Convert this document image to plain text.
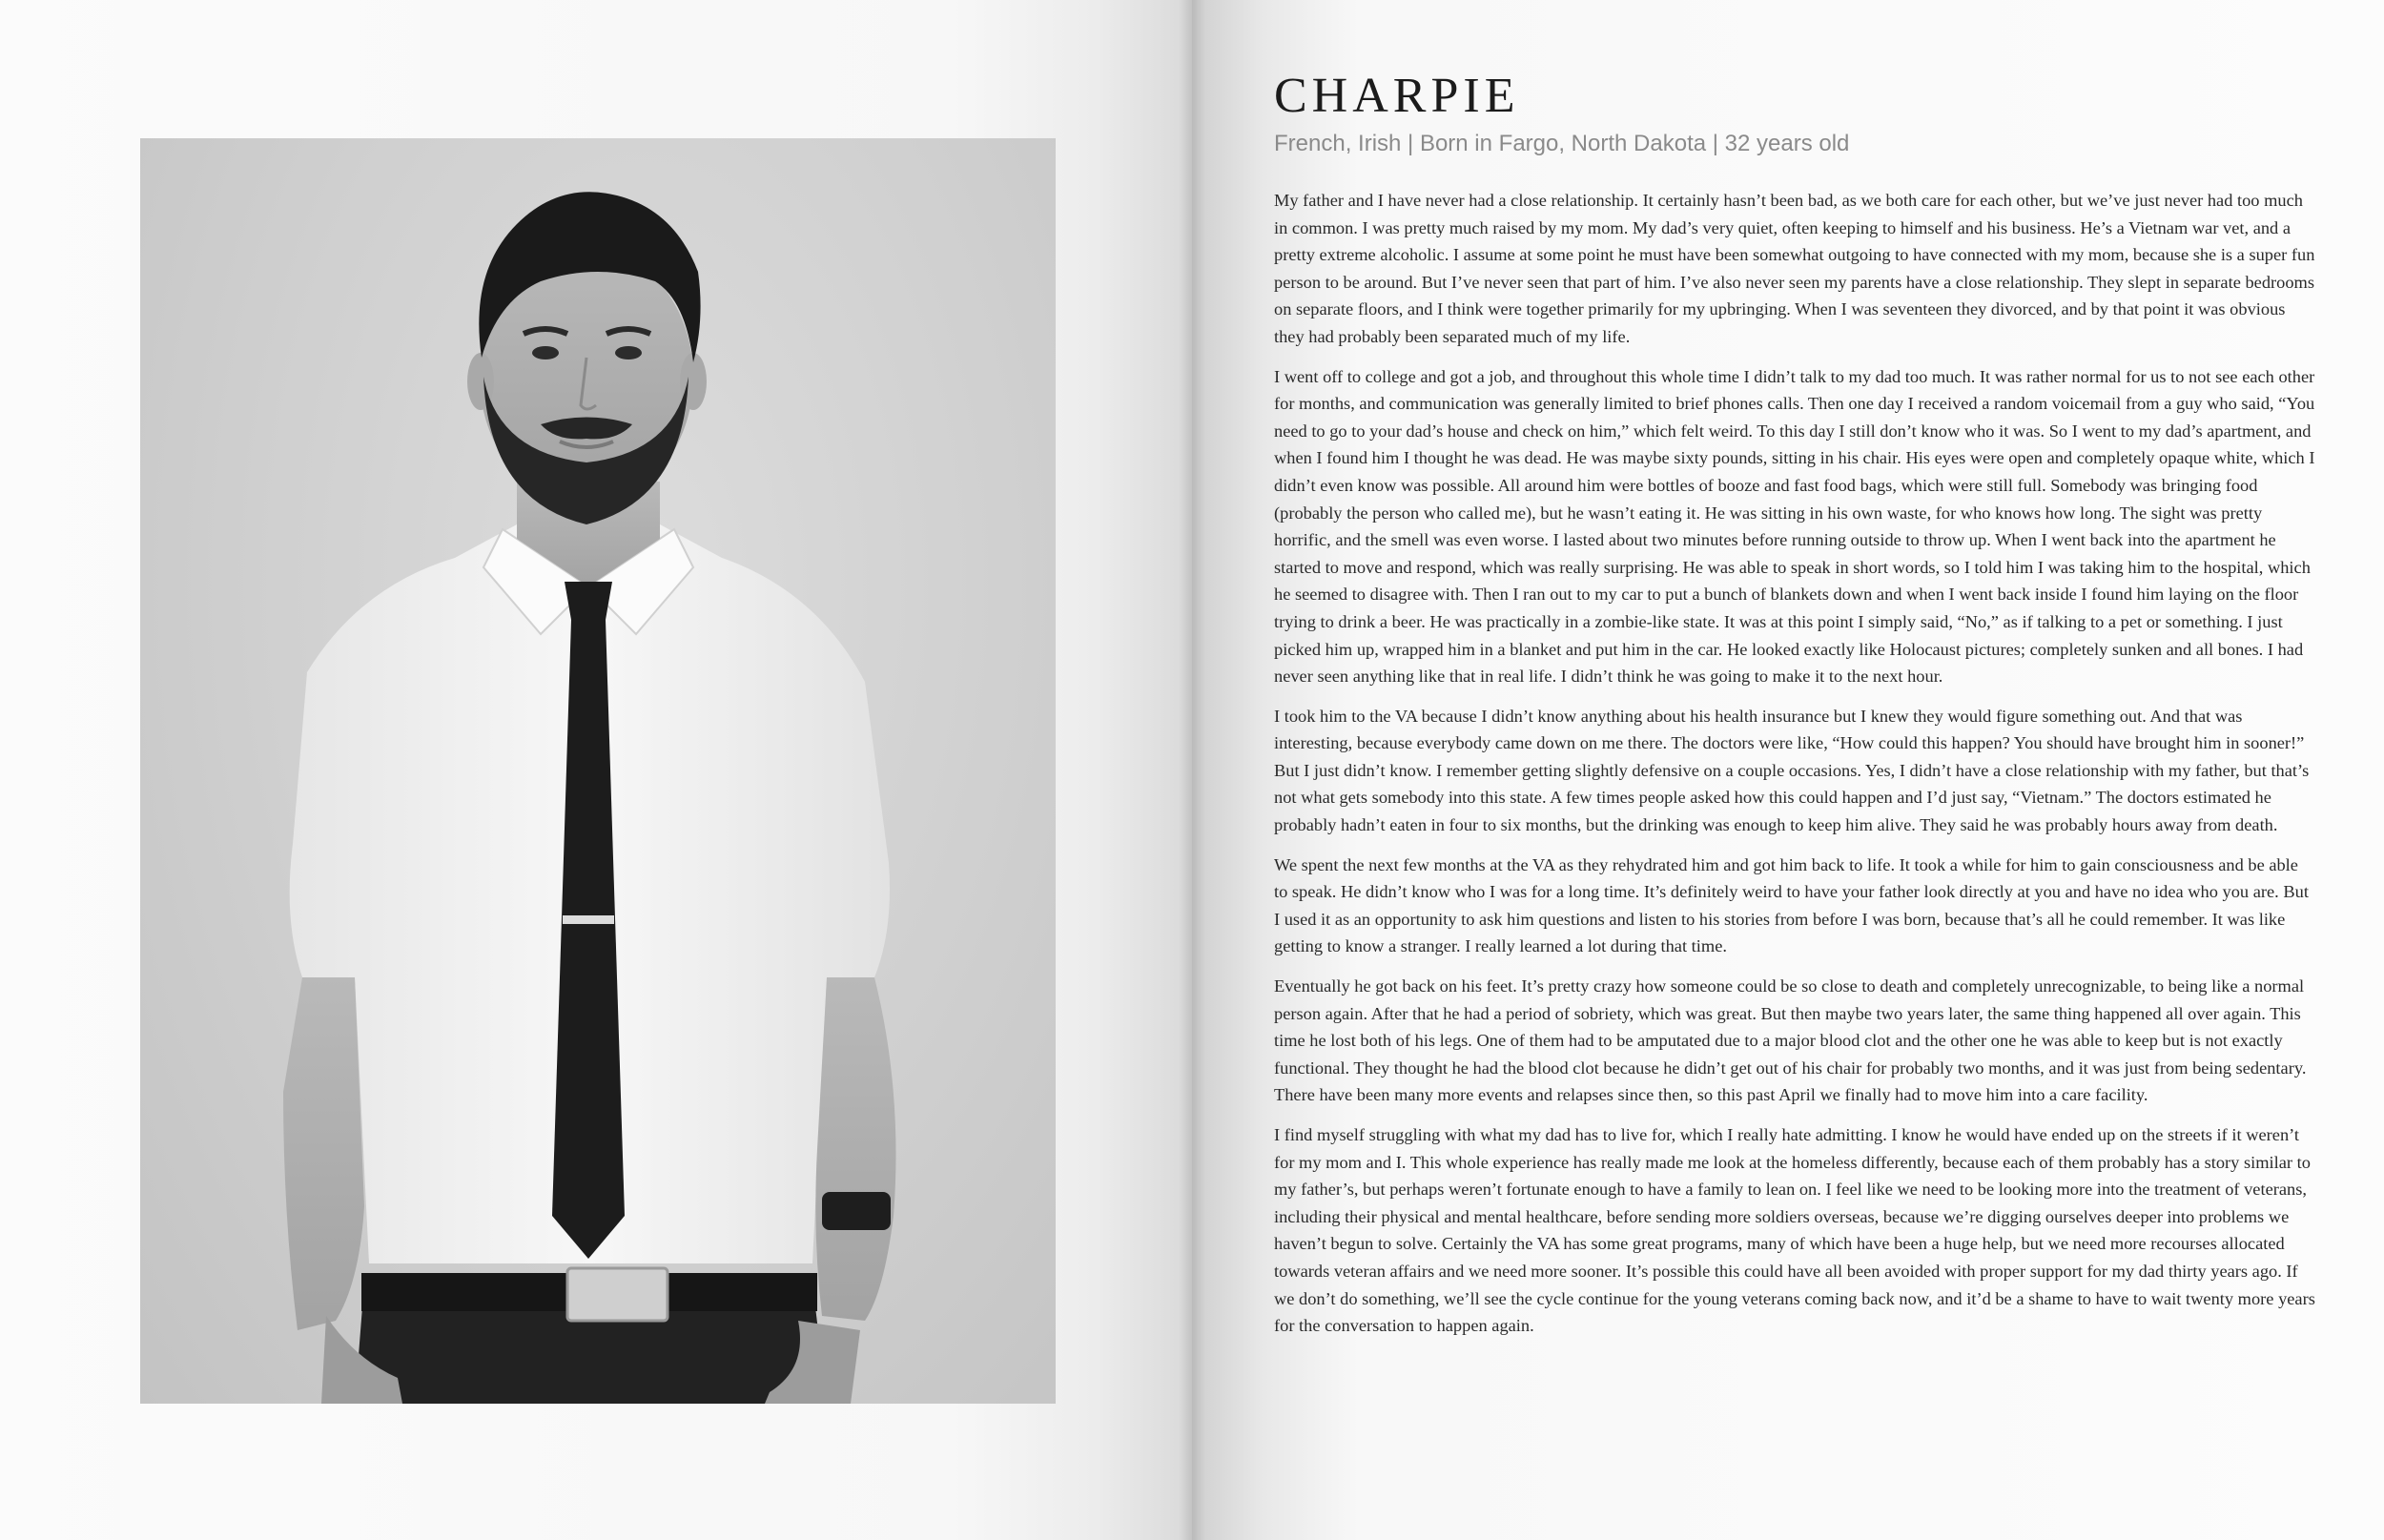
CHARPIE

French, Irish | Born in Fargo, North Dakota | 32 years old

My father and I have never had a close relationship. It certainly hasn’t been bad, as we both care for each other, but we’ve just never had too much in common. I was pretty much raised by my mom. My dad’s very quiet, often keeping to himself and his business. He’s a Vietnam war vet, and a pretty extreme alcoholic. I assume at some point he must have been somewhat outgoing to have connected with my mom, because she is a super fun person to be around. But I’ve never seen that part of him. I’ve also never seen my parents have a close relationship. They slept in separate bedrooms on separate floors, and I think were together primarily for my upbringing. When I was seventeen they divorced, and by that point it was obvious they had probably been separated much of my life.

I went off to college and got a job, and throughout this whole time I didn’t talk to my dad too much. It was rather normal for us to not see each other for months, and communication was generally limited to brief phones calls. Then one day I received a random voicemail from a guy who said, “You need to go to your dad’s house and check on him,” which felt weird. To this day I still don’t know who it was. So I went to my dad’s apartment, and when I found him I thought he was dead. He was maybe sixty pounds, sitting in his chair. His eyes were open and completely opaque white, which I didn’t even know was possible. All around him were bottles of booze and fast food bags, which were still full. Somebody was bringing food (probably the person who called me), but he wasn’t eating it. He was sitting in his own waste, for who knows how long. The sight was pretty horrific, and the smell was even worse. I lasted about two minutes before running outside to throw up. When I went back into the apartment he started to move and respond, which was really surprising. He was able to speak in short words, so I told him I was taking him to the hospital, which he seemed to disagree with. Then I ran out to my car to put a bunch of blankets down and when I went back inside I found him laying on the floor trying to drink a beer. He was practically in a zombie-like state. It was at this point I simply said, “No,” as if talking to a pet or something. I just picked him up, wrapped him in a blanket and put him in the car. He looked exactly like Holocaust pictures; completely sunken and all bones. I had never seen anything like that in real life. I didn’t think he was going to make it to the next hour.

I took him to the VA because I didn’t know anything about his health insurance but I knew they would figure something out. And that was interesting, because everybody came down on me there. The doctors were like, “How could this happen? You should have brought him in sooner!” But I just didn’t know. I remember getting slightly defensive on a couple occasions. Yes, I didn’t have a close relationship with my father, but that’s not what gets somebody into this state. A few times people asked how this could happen and I’d just say, “Vietnam.” The doctors estimated he probably hadn’t eaten in four to six months, but the drinking was enough to keep him alive. They said he was probably hours away from death.

We spent the next few months at the VA as they rehydrated him and got him back to life. It took a while for him to gain consciousness and be able to speak. He didn’t know who I was for a long time. It’s definitely weird to have your father look directly at you and have no idea who you are. But I used it as an opportunity to ask him questions and listen to his stories from before I was born, because that’s all he could remember. It was like getting to know a stranger. I really learned a lot during that time.

Eventually he got back on his feet. It’s pretty crazy how someone could be so close to death and completely unrecognizable, to being like a normal person again. After that he had a period of sobriety, which was great. But then maybe two years later, the same thing happened all over again. This time he lost both of his legs. One of them had to be amputated due to a major blood clot and the other one he was able to keep but is not exactly functional. They thought he had the blood clot because he didn’t get out of his chair for probably two months, and it was just from being sedentary. There have been many more events and relapses since then, so this past April we finally had to move him into a care facility.

I find myself struggling with what my dad has to live for, which I really hate admitting. I know he would have ended up on the streets if it weren’t for my mom and I. This whole experience has really made me look at the homeless differently, because each of them probably has a story similar to my father’s, but perhaps weren’t fortunate enough to have a family to lean on. I feel like we need to be looking more into the treatment of veterans, including their physical and mental healthcare, before sending more soldiers overseas, because we’re digging ourselves deeper into problems we haven’t begun to solve. Certainly the VA has some great programs, many of which have been a huge help, but we need more recourses allocated towards veteran affairs and we need more sooner. It’s possible this could have all been avoided with proper support for my dad thirty years ago. If we don’t do something, we’ll see the cycle continue for the young veterans coming back now, and it’d be a shame to have to wait twenty more years for the conversation to happen again.
